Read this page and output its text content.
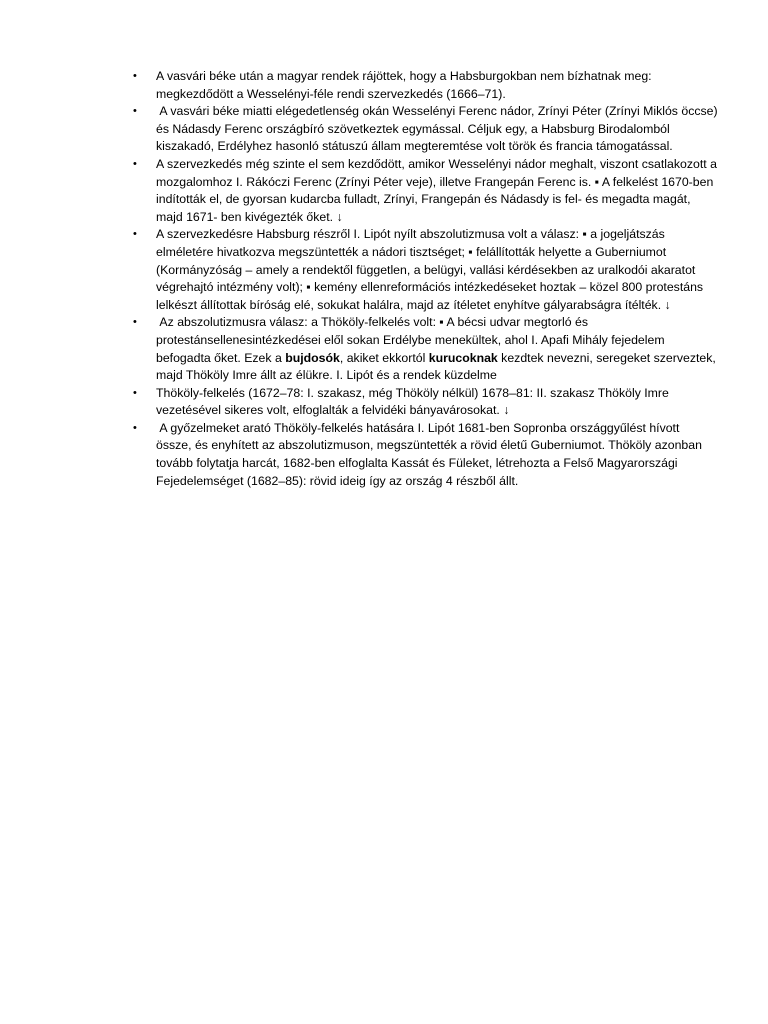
• A vasvári béke után a magyar rendek rájöttek, hogy a Habsburgokban nem bízhatnak meg: megkezdődött a Wesselényi-féle rendi szervezkedés (1666–71).
• A vasvári béke miatti elégedetlenség okán Wesselényi Ferenc nádor, Zrínyi Péter (Zrínyi Miklós öccse) és Nádasdy Ferenc országbíró szövetkeztek egymással. Céljuk egy, a Habsburg Birodalomból kiszakadó, Erdélyhez hasonló státuszú állam megteremtése volt török és francia támogatással.
• A szervezkedés még szinte el sem kezdődött, amikor Wesselényi nádor meghalt, viszont csatlakozott a mozgalomhoz I. Rákóczi Ferenc (Zrínyi Péter veje), illetve Frangepán Ferenc is. ▪ A felkelést 1670-ben indították el, de gyorsan kudarcba fulladt, Zrínyi, Frangepán és Nádasdy is fel- és megadta magát, majd 1671- ben kivégezték őket. ↓
• A szervezkedésre Habsburg részről I. Lipót nyílt abszolutizmusa volt a válasz: ▪ a jogeljátszás elméletére hivatkozva megszüntették a nádori tisztséget; ▪ felállították helyette a Guberniumot (Kormányzóság – amely a rendektől független, a belügyi, vallási kérdésekben az uralkodói akaratot végrehajtó intézmény volt); ▪ kemény ellenreformációs intézkedéseket hoztak – közel 800 protestáns lelkészt állítottak bíróság elé, sokukat halálra, majd az ítéletet enyhítve gályarabságra ítélték. ↓
• Az abszolutizmusra válasz: a Thököly-felkelés volt: ▪ A bécsi udvar megtorló és protestánsellenesintézkedései elől sokan Erdélybe menekültek, ahol I. Apafi Mihály fejedelem befogadta őket. Ezek a bujdosók, akiket ekkortól kurucoknak kezdtek nevezni, seregeket szerveztek, majd Thököly Imre állt az élükre. I. Lipót és a rendek küzdelme
• Thököly-felkelés (1672–78: I. szakasz, még Thököly nélkül) 1678–81: II. szakasz Thököly Imre vezetésével sikeres volt, elfoglalták a felvidéki bányavárosokat. ↓
• A győzelmeket arató Thököly-felkelés hatására I. Lipót 1681-ben Sopronba országgyűlést hívott össze, és enyhített az abszolutizmuson, megszüntették a rövid életű Guberniumot. Thököly azonban tovább folytatja harcát, 1682-ben elfoglalta Kassát és Füleket, létrehozta a Felső Magyarországi Fejedelemséget (1682–85): rövid ideig így az ország 4 részből állt.
